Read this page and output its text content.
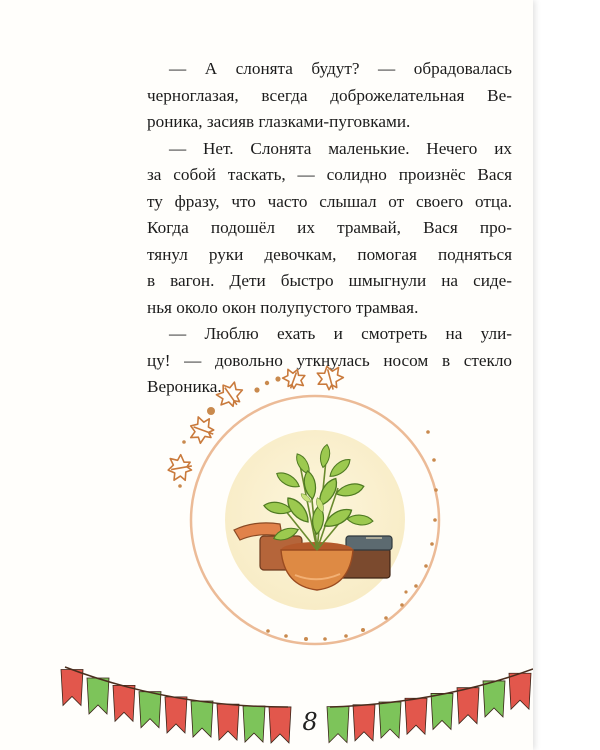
— А слонята будут? — обрадовалась
черноглазая, всегда доброжелательная Ве-
роника, засияв глазками-пуговками.

— Нет. Слонята маленькие. Нечего их
за собой таскать, — солидно произнёс Вася
ту фразу, что часто слышал от своего отца.
Когда подошёл их трамвай, Вася про-
тянул руки девочкам, помогая подняться
в вагон. Дети быстро шмыгнули на сиде-
нья около окон полупустого трамвая.

— Люблю ехать и смотреть на ули-
цу! — довольно уткнулась носом в стекло
Вероника.

8
